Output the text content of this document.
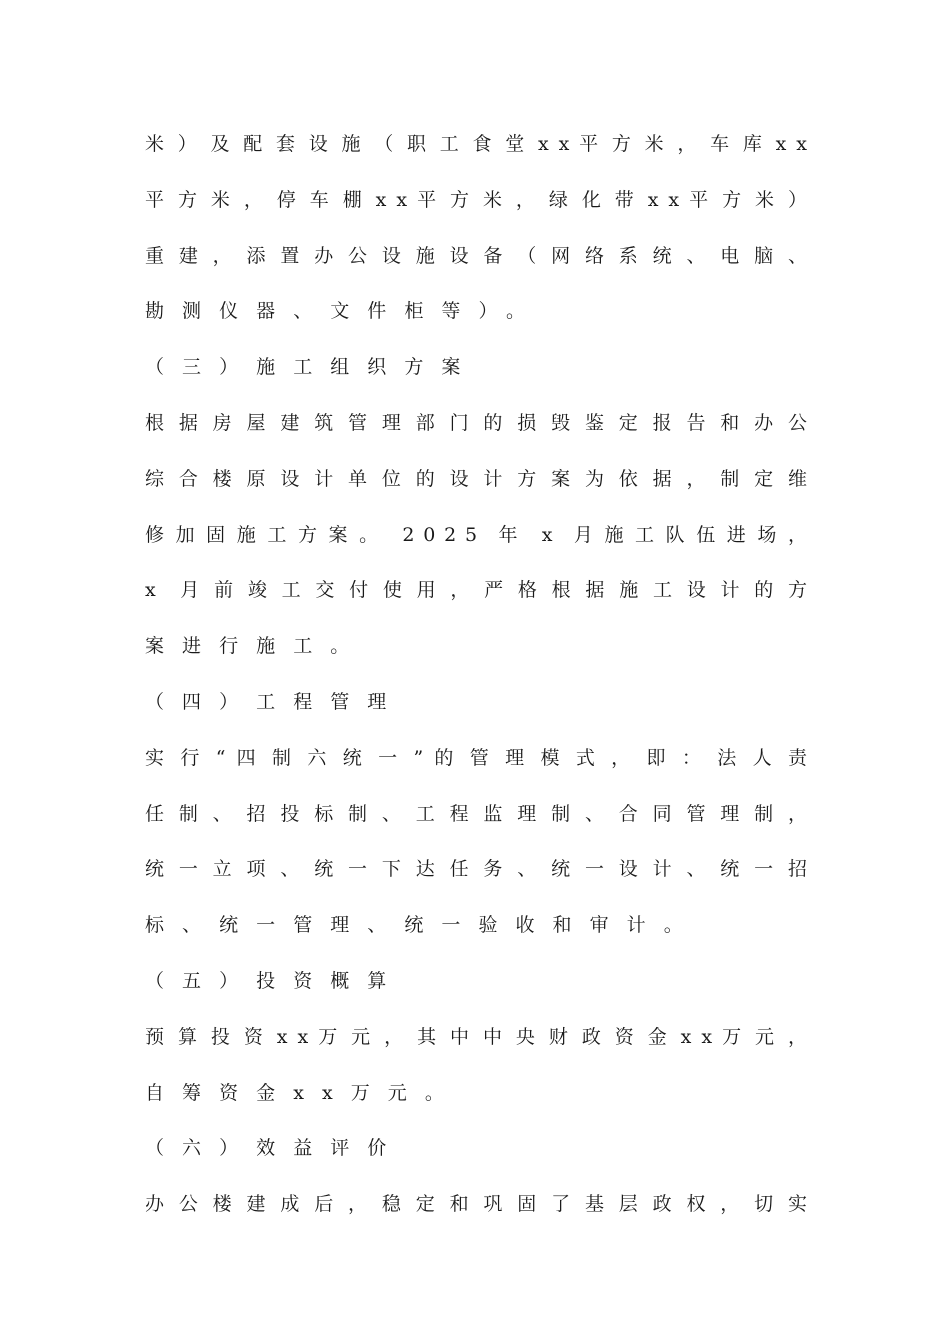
米 ） 及 配 套 设 施 （ 职 工 食 堂 x x 平 方 米 ， 车 库 x x
平 方 米 ， 停 车 棚 x x 平 方 米 ， 绿 化 带 x x 平 方 米 ）
重 建 ， 添 置 办 公 设 施 设 备 （ 网 络 系 统 、 电 脑 、
勘测仪器、文件柜等）。
（三）施工组织方案
根 据 房 屋 建 筑 管 理 部 门 的 损 毁 鉴 定 报 告 和 办 公
综 合 楼 原 设 计 单 位 的 设 计 方 案 为 依 据 ， 制 定 维
修 加 固 施 工 方 案 。   2 0 2 5   年   x   月 施 工 队 伍 进 场 ，
x   月 前 竣 工 交 付 使 用 ， 严 格 根 据 施 工 设 计 的 方
案进行施工。
（四）工程管理
实 行 “ 四 制 六 统 一 ” 的 管 理 模 式 ， 即 ： 法 人 责
任 制 、 招 投 标 制 、 工 程 监 理 制 、 合 同 管 理 制 ，
统 一 立 项 、 统 一 下 达 任 务 、 统 一 设 计 、 统 一 招
标、统一管理、统一验收和审计。
（五）投资概算
预 算 投 资 x x 万 元 ， 其 中 中 央 财 政 资 金 x x 万 元 ，
自筹资金xx万元。
（六）效益评价
办 公 楼 建 成 后 ， 稳 定 和 巩 固 了 基 层 政 权 ， 切 实
